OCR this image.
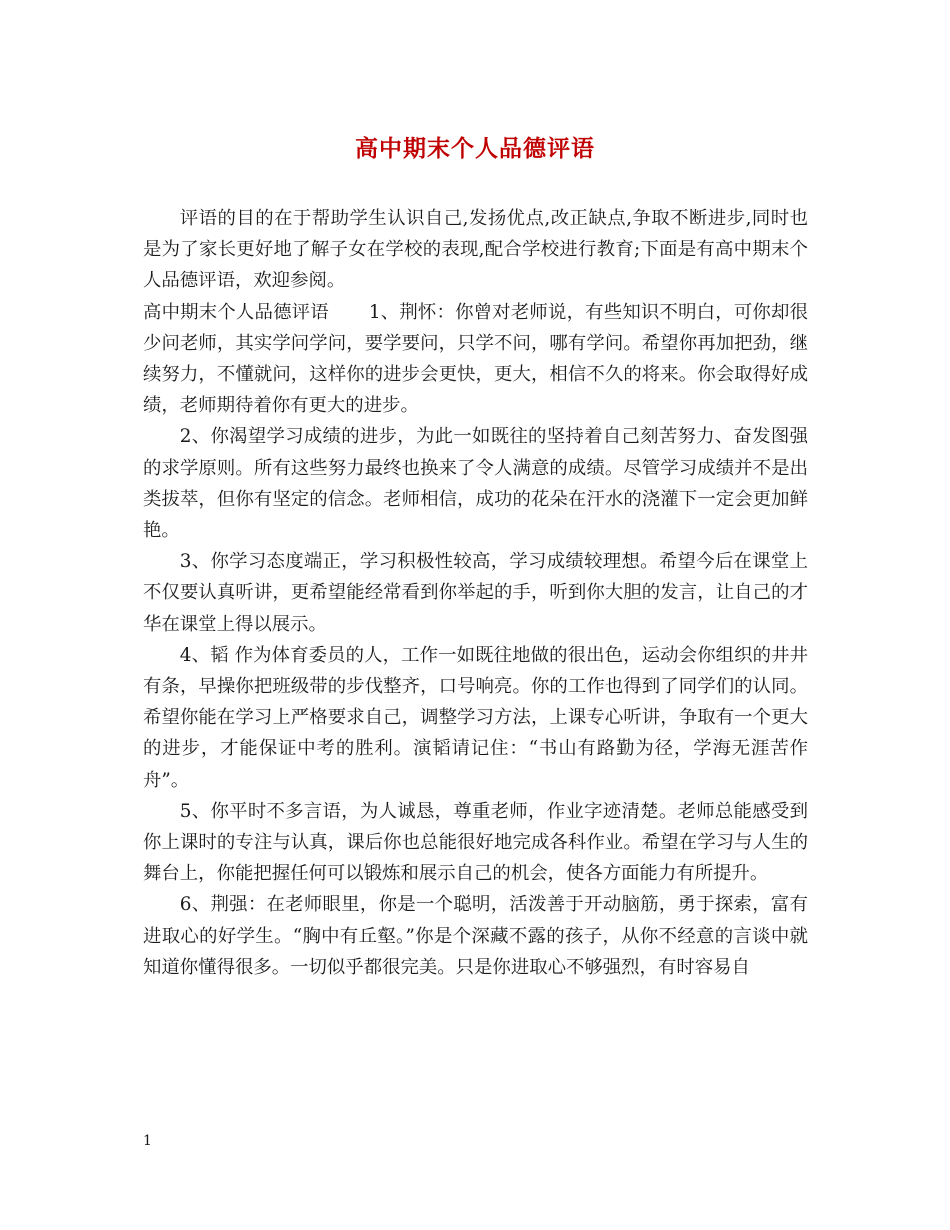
高中期末个人品德评语

评语的目的在于帮助学生认识自己,发扬优点,改正缺点,争取不断进步,同时也是为了家长更好地了解子女在学校的表现,配合学校进行教育;下面是有高中期末个人品德评语，欢迎参阅。

高中期末个人品德评语 1、荆怀：你曾对老师说，有些知识不明白，可你却很少问老师，其实学问学问，要学要问，只学不问，哪有学问。希望你再加把劲，继续努力，不懂就问，这样你的进步会更快，更大，相信不久的将来。你会取得好成绩，老师期待着你有更大的进步。

2、你渴望学习成绩的进步，为此一如既往的坚持着自己刻苦努力、奋发图强的求学原则。所有这些努力最终也换来了令人满意的成绩。尽管学习成绩并不是出类拔萃，但你有坚定的信念。老师相信，成功的花朵在汗水的浇灌下一定会更加鲜艳。

3、你学习态度端正，学习积极性较高，学习成绩较理想。希望今后在课堂上不仅要认真听讲，更希望能经常看到你举起的手，听到你大胆的发言，让自己的才华在课堂上得以展示。

4、韬 作为体育委员的人，工作一如既往地做的很出色，运动会你组织的井井有条，早操你把班级带的步伐整齐，口号响亮。你的工作也得到了同学们的认同。希望你能在学习上严格要求自己，调整学习方法，上课专心听讲，争取有一个更大的进步，才能保证中考的胜利。演韬请记住：“书山有路勤为径，学海无涯苦作舟”。

5、你平时不多言语，为人诚恳，尊重老师，作业字迹清楚。老师总能感受到你上课时的专注与认真，课后你也总能很好地完成各科作业。希望在学习与人生的舞台上，你能把握任何可以锻炼和展示自己的机会，使各方面能力有所提升。

6、荆强：在老师眼里，你是一个聪明，活泼善于开动脑筋，勇于探索，富有进取心的好学生。“胸中有丘壑。”你是个深藏不露的孩子，从你不经意的言谈中就知道你懂得很多。一切似乎都很完美。只是你进取心不够强烈，有时容易自

1
